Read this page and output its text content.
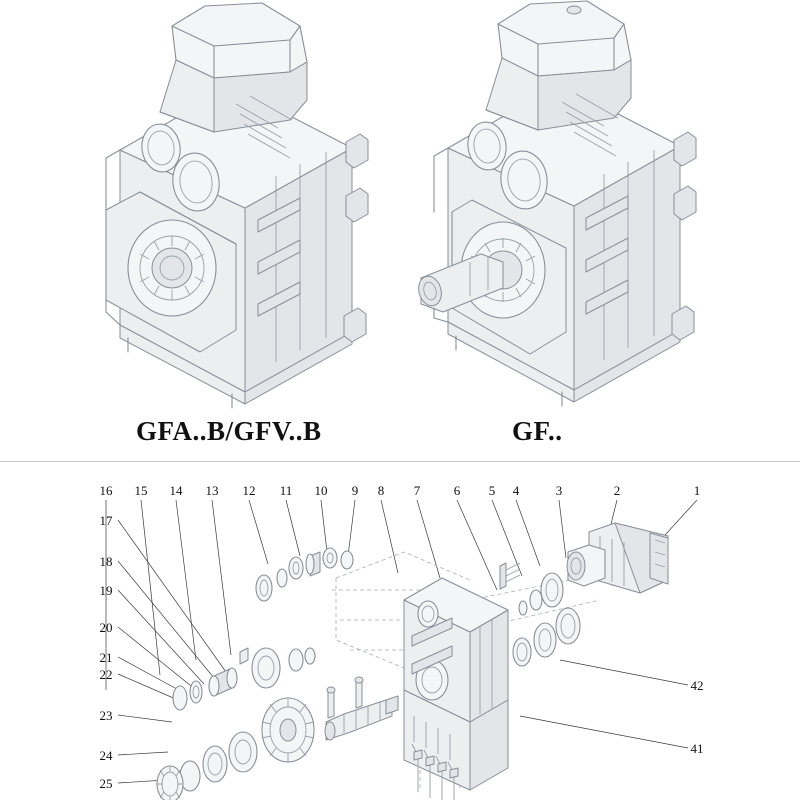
GFA..B/GFV..B	GF..
16	15	14	13	12	11	10	9	8	7	6	5	4	3	2	1
17
18
19
20
21
22
23
24
25
42
41
